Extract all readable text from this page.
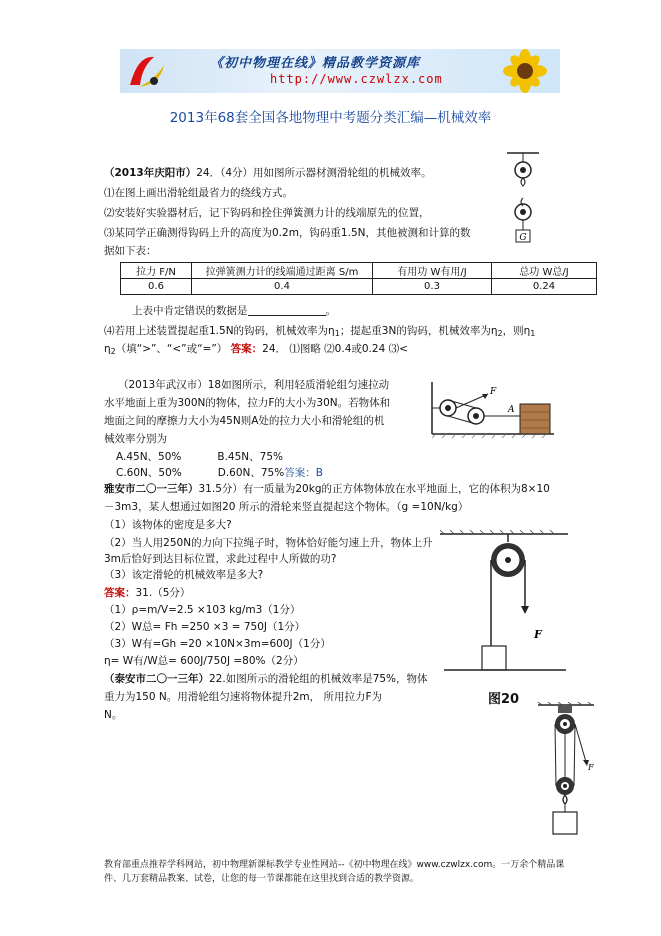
《初中物理在线》精品教学资源库
http://www.czwlzx.com
2013年68套全国各地物理中考题分类汇编—机械效率
（2013年庆阳市）24．（4分）用如图所示器材测滑轮组的机械效率。
⑴在图上画出滑轮组最省力的绕线方式。
⑵安装好实验器材后，记下钩码和拴住弹簧测力计的线端原先的位置，
⑶某同学正确测得钩码上升的高度为0.2m，钩码重1.5N，其他被测和计算的数
据如下表：
拉力 F/N	拉弹簧测力计的线端通过距离 S/m	有用功 W有用/J	总功 W总/J
0.6	0.4	0.3	0.24
上表中肯定错误的数据是	。
⑷若用上述装置提起重1.5N的钩码，机械效率为$\eta_1$；提起重3N的钩码，机械效率为$\eta_2$，则$\eta_1$
$\eta_2$（填“>”、“<”或“=”） 答案：24． ⑴图略 ⑵0.4或0.24 ⑶<
G
（2013年武汉市）18如图所示，利用轻质滑轮组匀速拉动
水平地面上重为300N的物体，拉力F的大小为30N。若物体和
地面之间的摩擦力大小为45N则A处的拉力大小和滑轮组的机
械效率分别为
A.45N、50%	B.45N、75%
C.60N、50%	D.60N、75%答案：B
F
A
雅安市二〇一三年）31.5分）有一质量为20kg的正方体物体放在水平地面上，它的体积为8×10
－3m3，某人想通过如图20 所示的滑轮来竖直提起这个物体。（g =10N/kg）
（1）该物体的密度是多大?
（2）当人用250N的力向下拉绳子时，物体恰好能匀速上升，物体上升
3m后恰好到达目标位置，求此过程中人所做的功?
（3）该定滑轮的机械效率是多大?
答案：31.（5分）
（1）ρ=m/V=2.5 ×103 kg/m3（1分）
（2）W总= Fh =250 ×3 = 750J（1分）
（3）W有=Gh =20 ×10N×3m=600J（1分）
η= W有/W总= 600J/750J =80%（2分）
F
图20
（泰安市二〇一三年）22.如图所示的滑轮组的机械效率是75%，物体
重力为150 N。用滑轮组匀速将物体提升2m， 所用拉力F为
N。
F
教育部重点推荐学科网站，初中物理新课标教学专业性网站--《初中物理在线》www.czwlzx.com。一万余个精品课
件、几万套精品教案、试卷，让您的每一节课都能在这里找到合适的教学资源。
